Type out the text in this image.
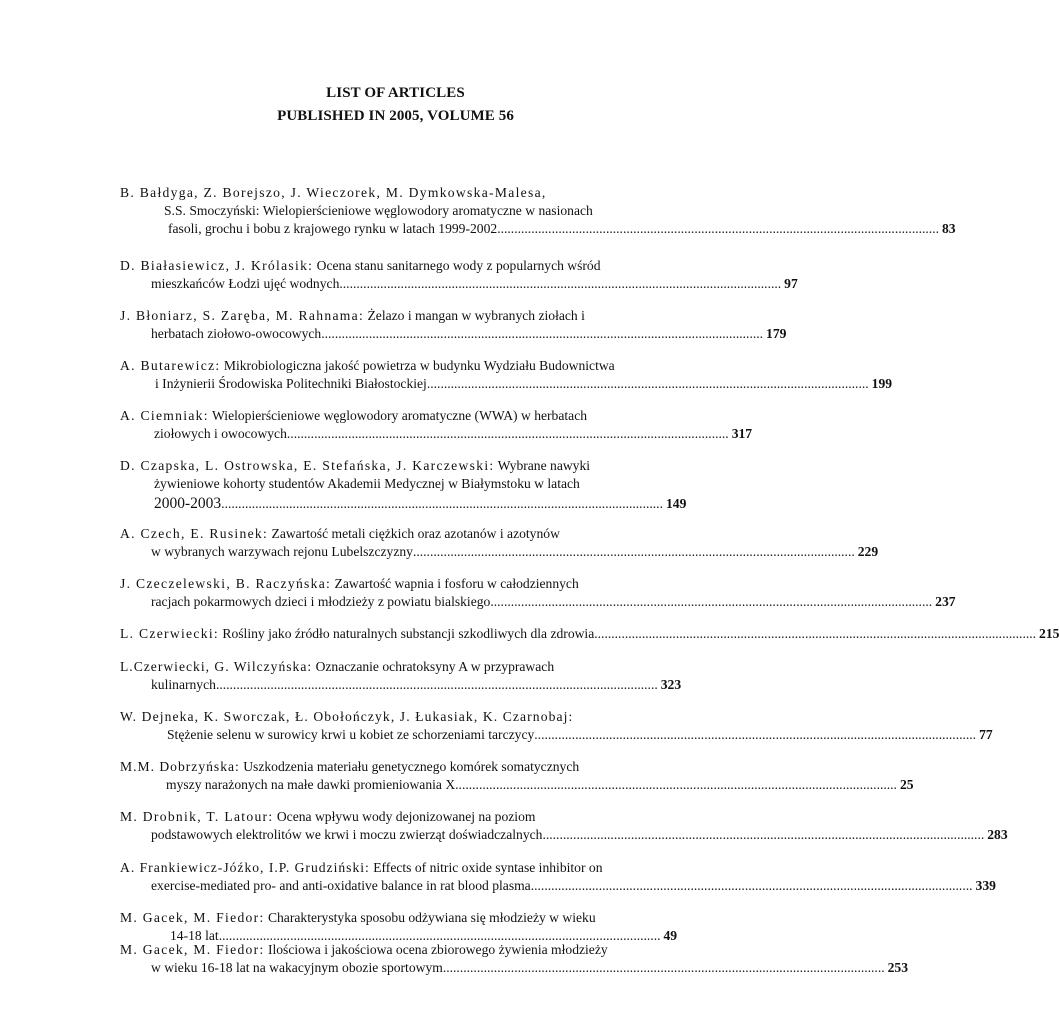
LIST OF ARTICLES
PUBLISHED IN 2005, VOLUME 56
B. Bałdyga, Z. Borejszo, J. Wieczorek, M. Dymkowska-Malesa,
S.S. Smoczyński: Wielopierścieniowe węglowodory aromatyczne w nasionach
fasoli, grochu i bobu z krajowego rynku w latach 1999-2002 .................................................................................................................................. 83
D. Białasiewicz, J. Królasik: Ocena stanu sanitarnego wody z popularnych wśród
mieszkańców Łodzi ujęć wodnych .................................................................................................................................. 97
J. Błoniarz, S. Zaręba, M. Rahnama: Żelazo i mangan w wybranych ziołach i
herbatach ziołowo-owocowych .................................................................................................................................. 179
A. Butarewicz: Mikrobiologiczna jakość powietrza w budynku Wydziału Budownictwa
i Inżynierii Środowiska Politechniki Białostockiej .................................................................................................................................. 199
A. Ciemniak: Wielopierścieniowe węglowodory aromatyczne (WWA) w herbatach
ziołowych i owocowych .................................................................................................................................. 317
D. Czapska, L. Ostrowska, E. Stefańska, J. Karczewski: Wybrane nawyki
żywieniowe kohorty studentów Akademii Medycznej w Białymstoku w latach
2000-2003 .................................................................................................................................. 149
A. Czech, E. Rusinek: Zawartość metali ciężkich oraz azotanów i azotynów
w wybranych warzywach rejonu Lubelszczyzny .................................................................................................................................. 229
J. Czeczelewski, B. Raczyńska: Zawartość wapnia i fosforu w całodziennych
racjach pokarmowych dzieci i młodzieży z powiatu bialskiego .................................................................................................................................. 237
L. Czerwiecki: Rośliny jako źródło naturalnych substancji szkodliwych dla zdrowia .................................................................................................................................. 215
L.Czerwiecki, G. Wilczyńska: Oznaczanie ochratoksyny A w przyprawach
kulinarnych .................................................................................................................................. 323
W. Dejneka, K. Sworczak, Ł. Obołończyk, J. Łukasiak, K. Czarnobaj:
Stężenie selenu w surowicy krwi u kobiet ze schorzeniami tarczycy .................................................................................................................................. 77
M.M. Dobrzyńska: Uszkodzenia materiału genetycznego komórek somatycznych
myszy narażonych na małe dawki promieniowania X .................................................................................................................................. 25
M. Drobnik, T. Latour: Ocena wpływu wody dejonizowanej na poziom
podstawowych elektrolitów we krwi i moczu zwierząt doświadczalnych .................................................................................................................................. 283
A. Frankiewicz-Jóźko, I.P. Grudziński: Effects of nitric oxide syntase inhibitor on
exercise-mediated pro- and anti-oxidative balance in rat blood plasma .................................................................................................................................. 339
M. Gacek, M. Fiedor: Charakterystyka sposobu odżywiana się młodzieży w wieku
14-18 lat .................................................................................................................................. 49
M. Gacek, M. Fiedor: Ilościowa i jakościowa ocena zbiorowego żywienia młodzieży
w wieku 16-18 lat na wakacyjnym obozie sportowym .................................................................................................................................. 253
